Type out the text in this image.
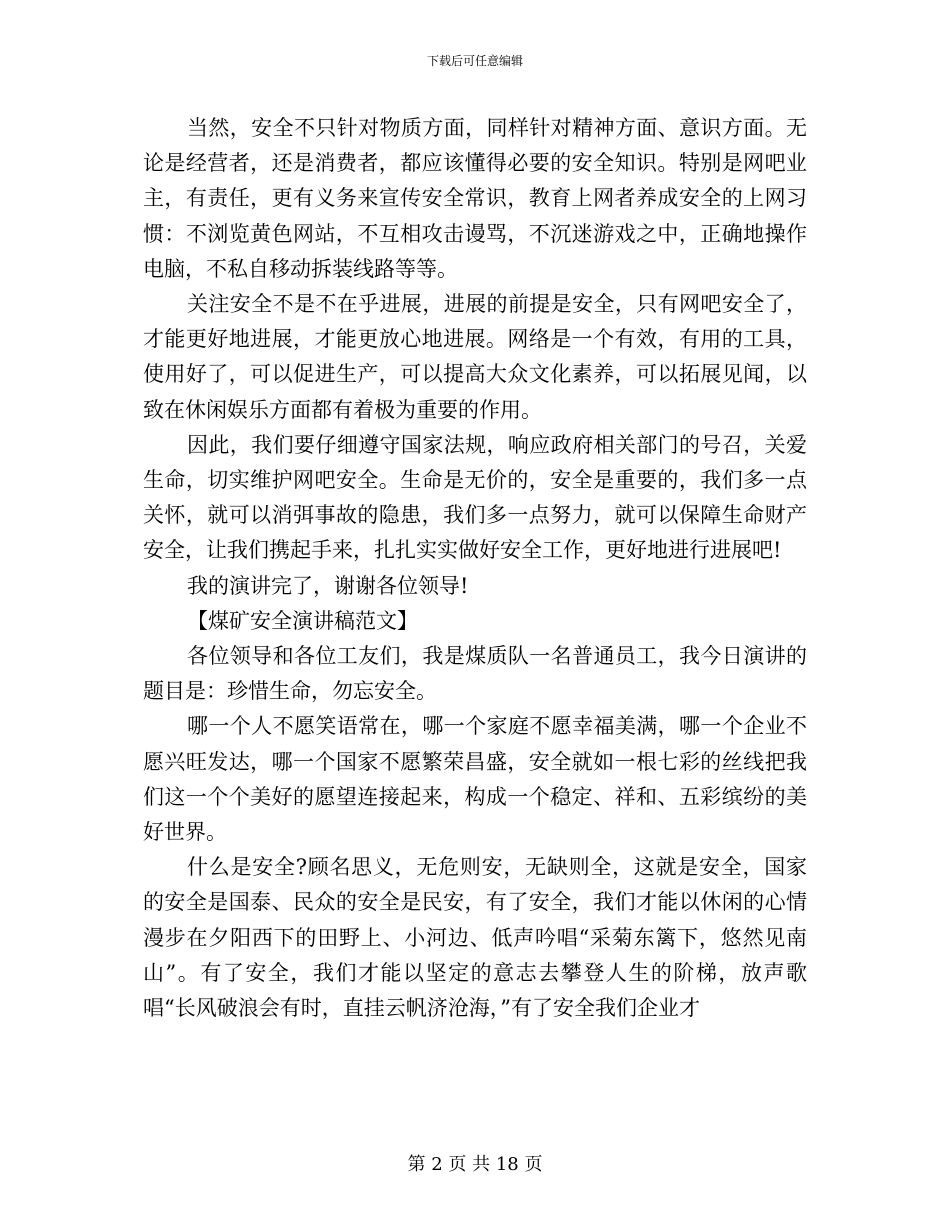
下载后可任意编辑

当然，安全不只针对物质方面，同样针对精神方面、意识方面。无论是经营者，还是消费者，都应该懂得必要的安全知识。特别是网吧业主，有责任，更有义务来宣传安全常识，教育上网者养成安全的上网习惯：不浏览黄色网站，不互相攻击谩骂，不沉迷游戏之中，正确地操作电脑，不私自移动拆装线路等等。

关注安全不是不在乎进展，进展的前提是安全，只有网吧安全了，才能更好地进展，才能更放心地进展。网络是一个有效，有用的工具，使用好了，可以促进生产，可以提高大众文化素养，可以拓展见闻，以致在休闲娱乐方面都有着极为重要的作用。

因此，我们要仔细遵守国家法规，响应政府相关部门的号召，关爱生命，切实维护网吧安全。生命是无价的，安全是重要的，我们多一点关怀，就可以消弭事故的隐患，我们多一点努力，就可以保障生命财产安全，让我们携起手来，扎扎实实做好安全工作，更好地进行进展吧!

我的演讲完了，谢谢各位领导!

【煤矿安全演讲稿范文】

各位领导和各位工友们，我是煤质队一名普通员工，我今日演讲的题目是：珍惜生命，勿忘安全。

哪一个人不愿笑语常在，哪一个家庭不愿幸福美满，哪一个企业不愿兴旺发达，哪一个国家不愿繁荣昌盛，安全就如一根七彩的丝线把我们这一个个美好的愿望连接起来，构成一个稳定、祥和、五彩缤纷的美好世界。

什么是安全?顾名思义，无危则安，无缺则全，这就是安全，国家的安全是国泰、民众的安全是民安，有了安全，我们才能以休闲的心情漫步在夕阳西下的田野上、小河边、低声吟唱“采菊东篱下，悠然见南山”。有了安全，我们才能以坚定的意志去攀登人生的阶梯，放声歌唱“长风破浪会有时，直挂云帆济沧海，”有了安全我们企业才

第 2 页 共 18 页
